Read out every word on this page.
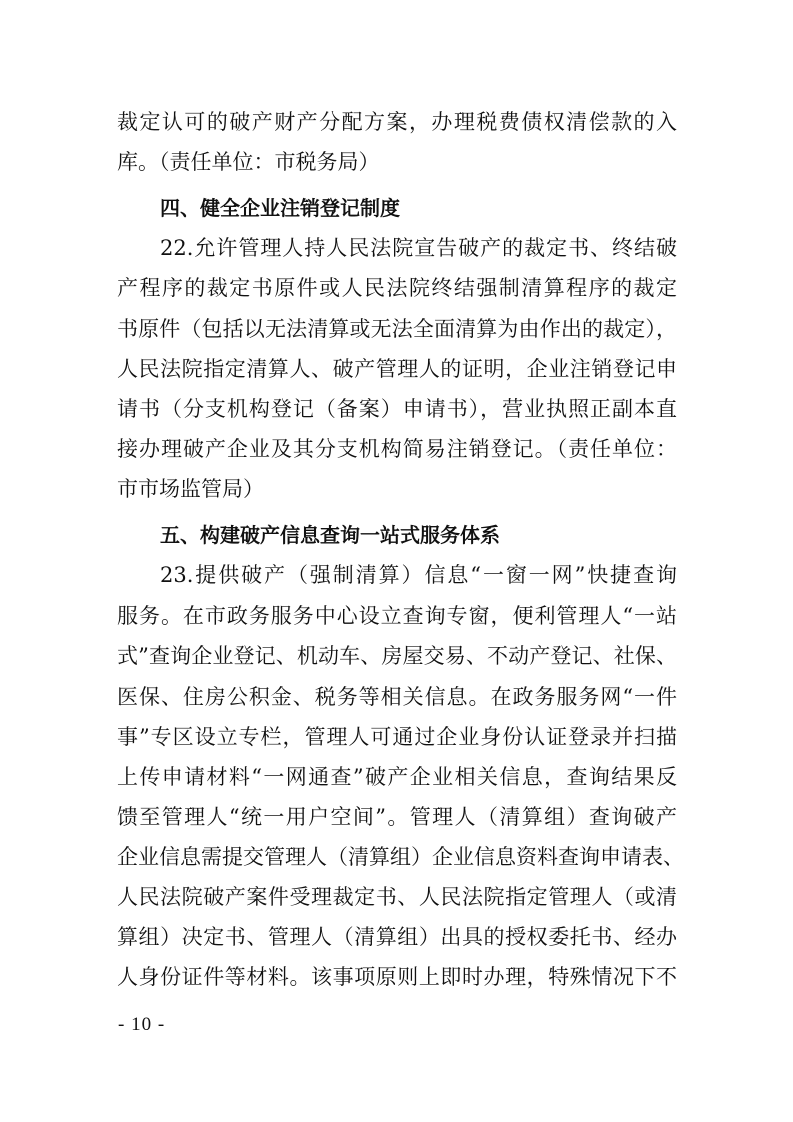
裁定认可的破产财产分配方案，办理税费债权清偿款的入
库。（责任单位：市税务局）
四、健全企业注销登记制度
22.允许管理人持人民法院宣告破产的裁定书、终结破
产程序的裁定书原件或人民法院终结强制清算程序的裁定
书原件（包括以无法清算或无法全面清算为由作出的裁定），
人民法院指定清算人、破产管理人的证明，企业注销登记申
请书（分支机构登记（备案）申请书），营业执照正副本直
接办理破产企业及其分支机构简易注销登记。（责任单位：
市市场监管局）
五、构建破产信息查询一站式服务体系
23.提供破产（强制清算）信息“一窗一网”快捷查询
服务。在市政务服务中心设立查询专窗，便利管理人“一站
式”查询企业登记、机动车、房屋交易、不动产登记、社保、
医保、住房公积金、税务等相关信息。在政务服务网“一件
事”专区设立专栏，管理人可通过企业身份认证登录并扫描
上传申请材料“一网通查”破产企业相关信息，查询结果反
馈至管理人“统一用户空间”。管理人（清算组）查询破产
企业信息需提交管理人（清算组）企业信息资料查询申请表、
人民法院破产案件受理裁定书、人民法院指定管理人（或清
算组）决定书、管理人（清算组）出具的授权委托书、经办
人身份证件等材料。该事项原则上即时办理，特殊情况下不
- 10 -
